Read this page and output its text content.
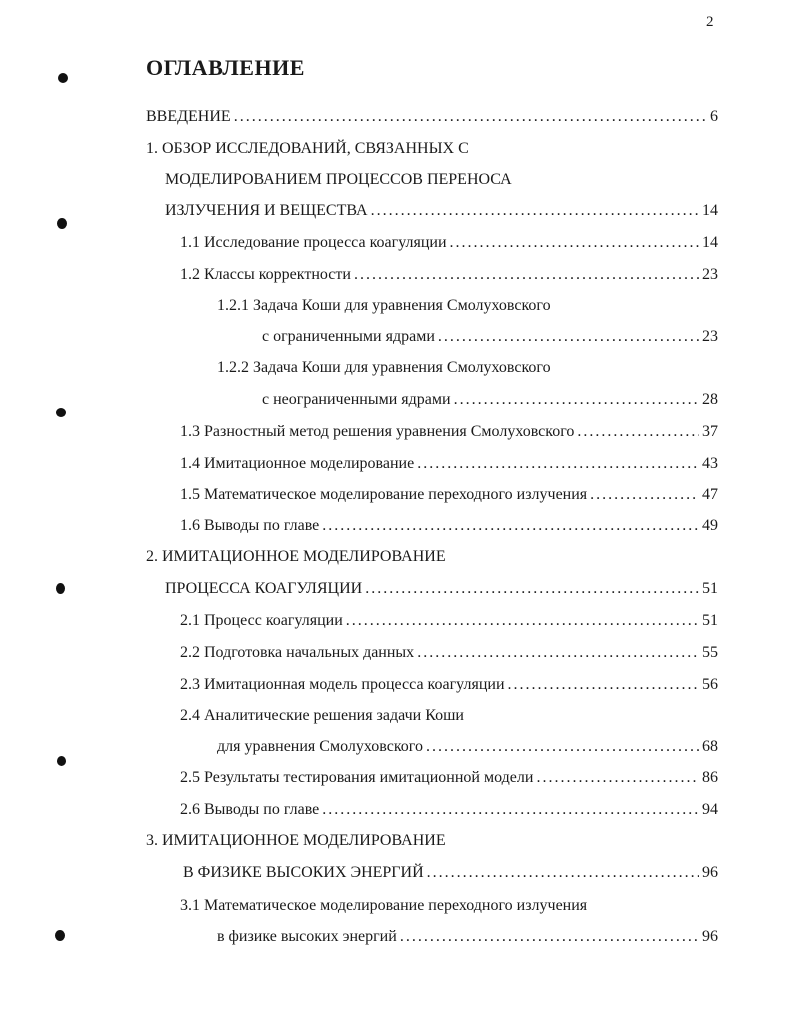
2
ОГЛАВЛЕНИЕ
ВВЕДЕНИЕ .....	6
1. ОБЗОР ИССЛЕДОВАНИЙ, СВЯЗАННЫХ С
МОДЕЛИРОВАНИЕМ ПРОЦЕССОВ ПЕРЕНОСА
ИЗЛУЧЕНИЯ И ВЕЩЕСТВА .....	14
1.1 Исследование процесса коагуляции .....	14
1.2 Классы корректности .....	23
1.2.1 Задача Коши для уравнения Смолуховского
с ограниченными ядрами .....	23
1.2.2 Задача Коши для уравнения Смолуховского
с неограниченными ядрами .....	28
1.3 Разностный метод решения уравнения Смолуховского .....	37
1.4 Имитационное моделирование .....	43
1.5 Математическое моделирование переходного излучения .....	47
1.6 Выводы по главе .....	49
2. ИМИТАЦИОННОЕ МОДЕЛИРОВАНИЕ
ПРОЦЕССА КОАГУЛЯЦИИ .....	51
2.1 Процесс коагуляции .....	51
2.2 Подготовка начальных данных .....	55
2.3 Имитационная модель процесса коагуляции .....	56
2.4 Аналитические решения задачи Коши
для уравнения Смолуховского .....	68
2.5 Результаты тестирования имитационной модели .....	86
2.6 Выводы по главе .....	94
3. ИМИТАЦИОННОЕ МОДЕЛИРОВАНИЕ
В ФИЗИКЕ ВЫСОКИХ ЭНЕРГИЙ .....	96
3.1 Математическое моделирование переходного излучения
в физике высоких энергий .....	96
